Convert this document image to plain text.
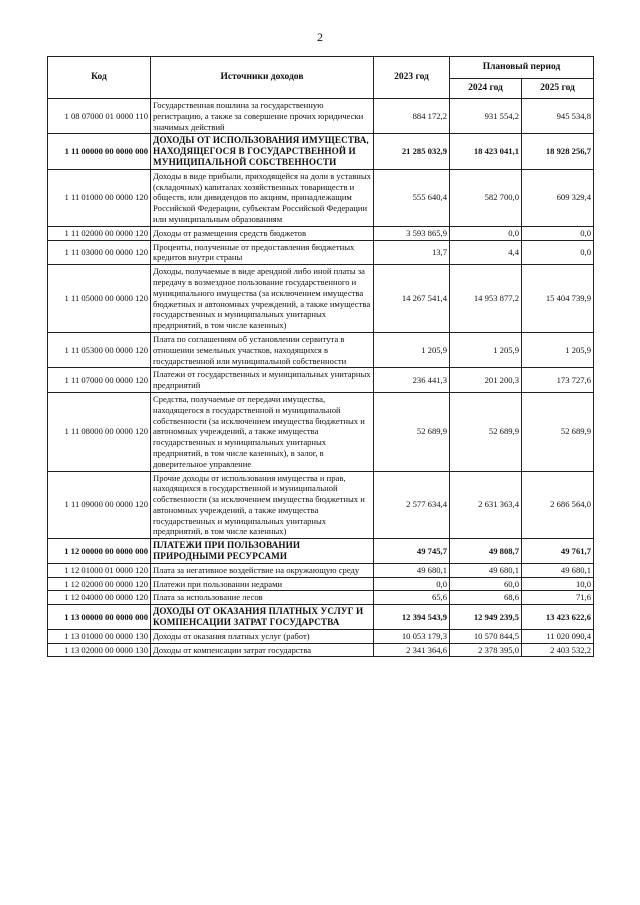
2
Код	Источники доходов	2023 год	Плановый период	
			2024 год	2025 год
1 08 07000 01 0000 110	Государственная пошлина за государственную регистрацию, а также за совершение прочих юридически значимых действий	884 172,2	931 554,2	945 534,8
1 11 00000 00 0000 000	ДОХОДЫ ОТ ИСПОЛЬЗОВАНИЯ ИМУЩЕСТВА, НАХОДЯЩЕГОСЯ В ГОСУДАРСТВЕННОЙ И МУНИЦИПАЛЬНОЙ СОБСТВЕННОСТИ	21 285 032,9	18 423 041,1	18 928 256,7
1 11 01000 00 0000 120	Доходы в виде прибыли, приходящейся на доли в уставных (складочных) капиталах хозяйственных товариществ и обществ, или дивидендов по акциям, принадлежащим Российской Федерации, субъектам Российской Федерации или муниципальным образованиям	555 640,4	582 700,0	609 329,4
1 11 02000 00 0000 120	Доходы от размещения средств бюджетов	3 593 865,9	0,0	0,0
1 11 03000 00 0000 120	Проценты, полученные от предоставления бюджетных кредитов внутри страны	13,7	4,4	0,0
1 11 05000 00 0000 120	Доходы, получаемые в виде арендной либо иной платы за передачу в возмездное пользование государственного и муниципального имущества (за исключением имущества бюджетных и автономных учреждений, а также имущества государственных и муниципальных унитарных предприятий, в том числе казенных)	14 267 541,4	14 953 877,2	15 404 739,9
1 11 05300 00 0000 120	Плата по соглашениям об установлении сервитута в отношении земельных участков, находящихся в государственной или муниципальной собственности	1 205,9	1 205,9	1 205,9
1 11 07000 00 0000 120	Платежи от государственных и муниципальных унитарных предприятий	236 441,3	201 200,3	173 727,6
1 11 08000 00 0000 120	Средства, получаемые от передачи имущества, находящегося в государственной и муниципальной собственности (за исключением имущества бюджетных и автономных учреждений, а также имущества государственных и муниципальных унитарных предприятий, в том числе казенных), в залог, в доверительное управление	52 689,9	52 689,9	52 689,9
1 11 09000 00 0000 120	Прочие доходы от использования имущества и прав, находящихся в государственной и муниципальной собственности (за исключением имущества бюджетных и автономных учреждений, а также имущества государственных и муниципальных унитарных предприятий, в том числе казенных)	2 577 634,4	2 631 363,4	2 686 564,0
1 12 00000 00 0000 000	ПЛАТЕЖИ ПРИ ПОЛЬЗОВАНИИ ПРИРОДНЫМИ РЕСУРСАМИ	49 745,7	49 808,7	49 761,7
1 12 01000 01 0000 120	Плата за негативное воздействие на окружающую среду	49 680,1	49 680,1	49 680,1
1 12 02000 00 0000 120	Платежи при пользовании недрами	0,0	60,0	10,0
1 12 04000 00 0000 120	Плата за использование лесов	65,6	68,6	71,6
1 13 00000 00 0000 000	ДОХОДЫ ОТ ОКАЗАНИЯ ПЛАТНЫХ УСЛУГ И КОМПЕНСАЦИИ ЗАТРАТ ГОСУДАРСТВА	12 394 543,9	12 949 239,5	13 423 622,6
1 13 01000 00 0000 130	Доходы от оказания платных услуг (работ)	10 053 179,3	10 570 844,5	11 020 090,4
1 13 02000 00 0000 130	Доходы от компенсации затрат государства	2 341 364,6	2 378 395,0	2 403 532,2
